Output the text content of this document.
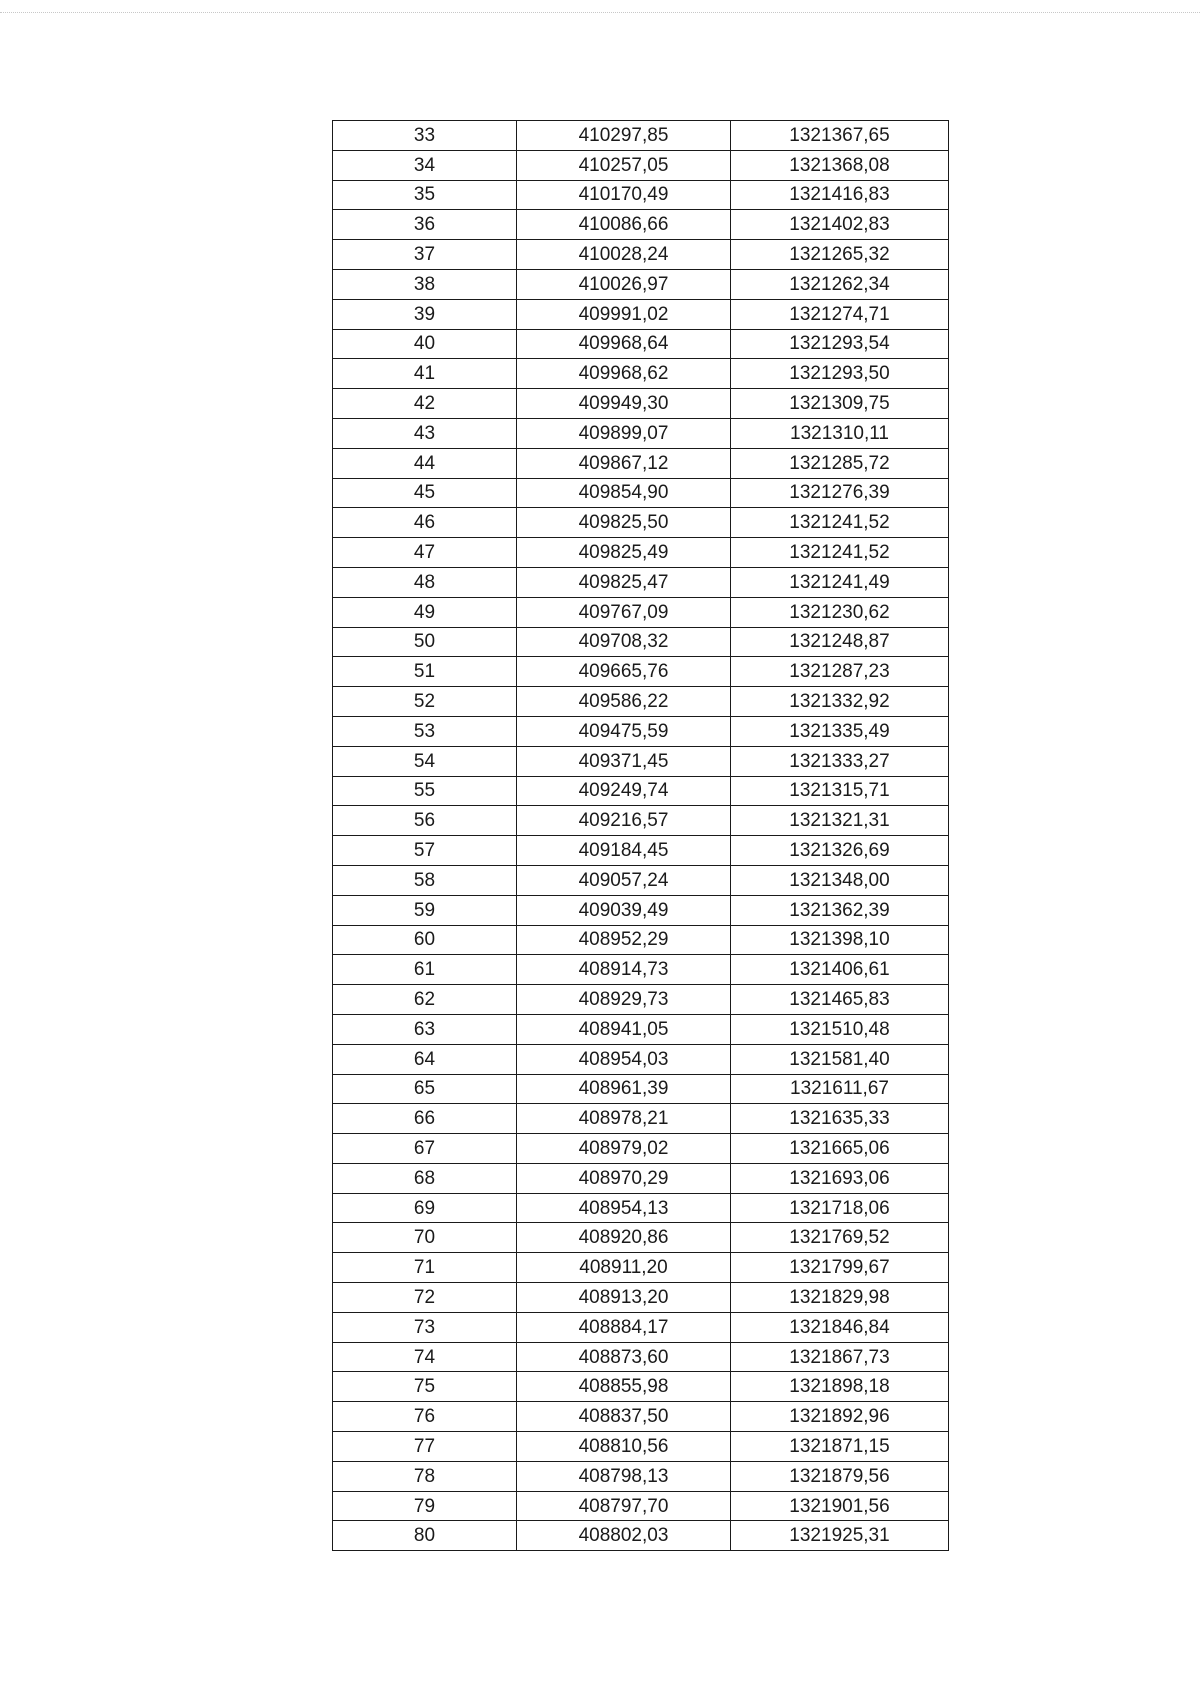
33	410297,85	1321367,65
34	410257,05	1321368,08
35	410170,49	1321416,83
36	410086,66	1321402,83
37	410028,24	1321265,32
38	410026,97	1321262,34
39	409991,02	1321274,71
40	409968,64	1321293,54
41	409968,62	1321293,50
42	409949,30	1321309,75
43	409899,07	1321310,11
44	409867,12	1321285,72
45	409854,90	1321276,39
46	409825,50	1321241,52
47	409825,49	1321241,52
48	409825,47	1321241,49
49	409767,09	1321230,62
50	409708,32	1321248,87
51	409665,76	1321287,23
52	409586,22	1321332,92
53	409475,59	1321335,49
54	409371,45	1321333,27
55	409249,74	1321315,71
56	409216,57	1321321,31
57	409184,45	1321326,69
58	409057,24	1321348,00
59	409039,49	1321362,39
60	408952,29	1321398,10
61	408914,73	1321406,61
62	408929,73	1321465,83
63	408941,05	1321510,48
64	408954,03	1321581,40
65	408961,39	1321611,67
66	408978,21	1321635,33
67	408979,02	1321665,06
68	408970,29	1321693,06
69	408954,13	1321718,06
70	408920,86	1321769,52
71	408911,20	1321799,67
72	408913,20	1321829,98
73	408884,17	1321846,84
74	408873,60	1321867,73
75	408855,98	1321898,18
76	408837,50	1321892,96
77	408810,56	1321871,15
78	408798,13	1321879,56
79	408797,70	1321901,56
80	408802,03	1321925,31
